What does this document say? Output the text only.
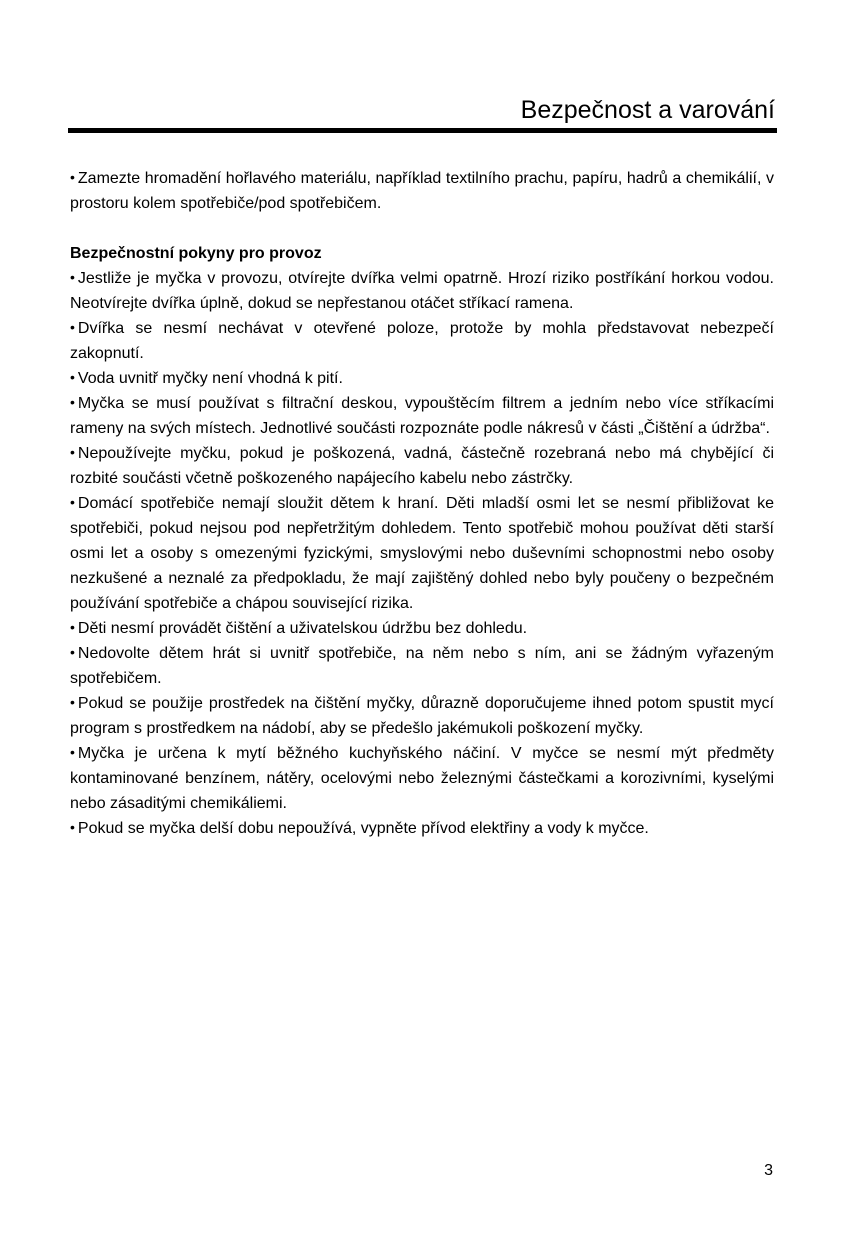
Bezpečnost a varování

• Zamezte hromadění hořlavého materiálu, například textilního prachu, papíru, hadrů a chemikálií, v prostoru kolem spotřebiče/pod spotřebičem.

Bezpečnostní pokyny pro provoz

• Jestliže je myčka v provozu, otvírejte dvířka velmi opatrně. Hrozí riziko postříkání horkou vodou. Neotvírejte dvířka úplně, dokud se nepřestanou otáčet stříkací ramena.

• Dvířka se nesmí nechávat v otevřené poloze, protože by mohla představovat nebezpečí zakopnutí.

• Voda uvnitř myčky není vhodná k pití.

• Myčka se musí používat s filtrační deskou, vypouštěcím filtrem a jedním nebo více stříkacími rameny na svých místech. Jednotlivé součásti rozpoznáte podle nákresů v části „Čištění a údržba“.

• Nepoužívejte myčku, pokud je poškozená, vadná, částečně rozebraná nebo má chybějící či rozbité součásti včetně poškozeného napájecího kabelu nebo zástrčky.

• Domácí spotřebiče nemají sloužit dětem k hraní. Děti mladší osmi let se nesmí přibližovat ke spotřebiči, pokud nejsou pod nepřetržitým dohledem. Tento spotřebič mohou používat děti starší osmi let a osoby s omezenými fyzickými, smyslovými nebo duševními schopnostmi nebo osoby nezkušené a neznalé za předpokladu, že mají zajištěný dohled nebo byly poučeny o bezpečném používání spotřebiče a chápou související rizika.

• Děti nesmí provádět čištění a uživatelskou údržbu bez dohledu.

• Nedovolte dětem hrát si uvnitř spotřebiče, na něm nebo s ním, ani se žádným vyřazeným spotřebičem.

• Pokud se použije prostředek na čištění myčky, důrazně doporučujeme ihned potom spustit mycí program s prostředkem na nádobí, aby se předešlo jakémukoli poškození myčky.

• Myčka je určena k mytí běžného kuchyňského náčiní. V myčce se nesmí mýt předměty kontaminované benzínem, nátěry, ocelovými nebo železnými částečkami a korozivními, kyselými nebo zásaditými chemikáliemi.

• Pokud se myčka delší dobu nepoužívá, vypněte přívod elektřiny a vody k myčce.

3
